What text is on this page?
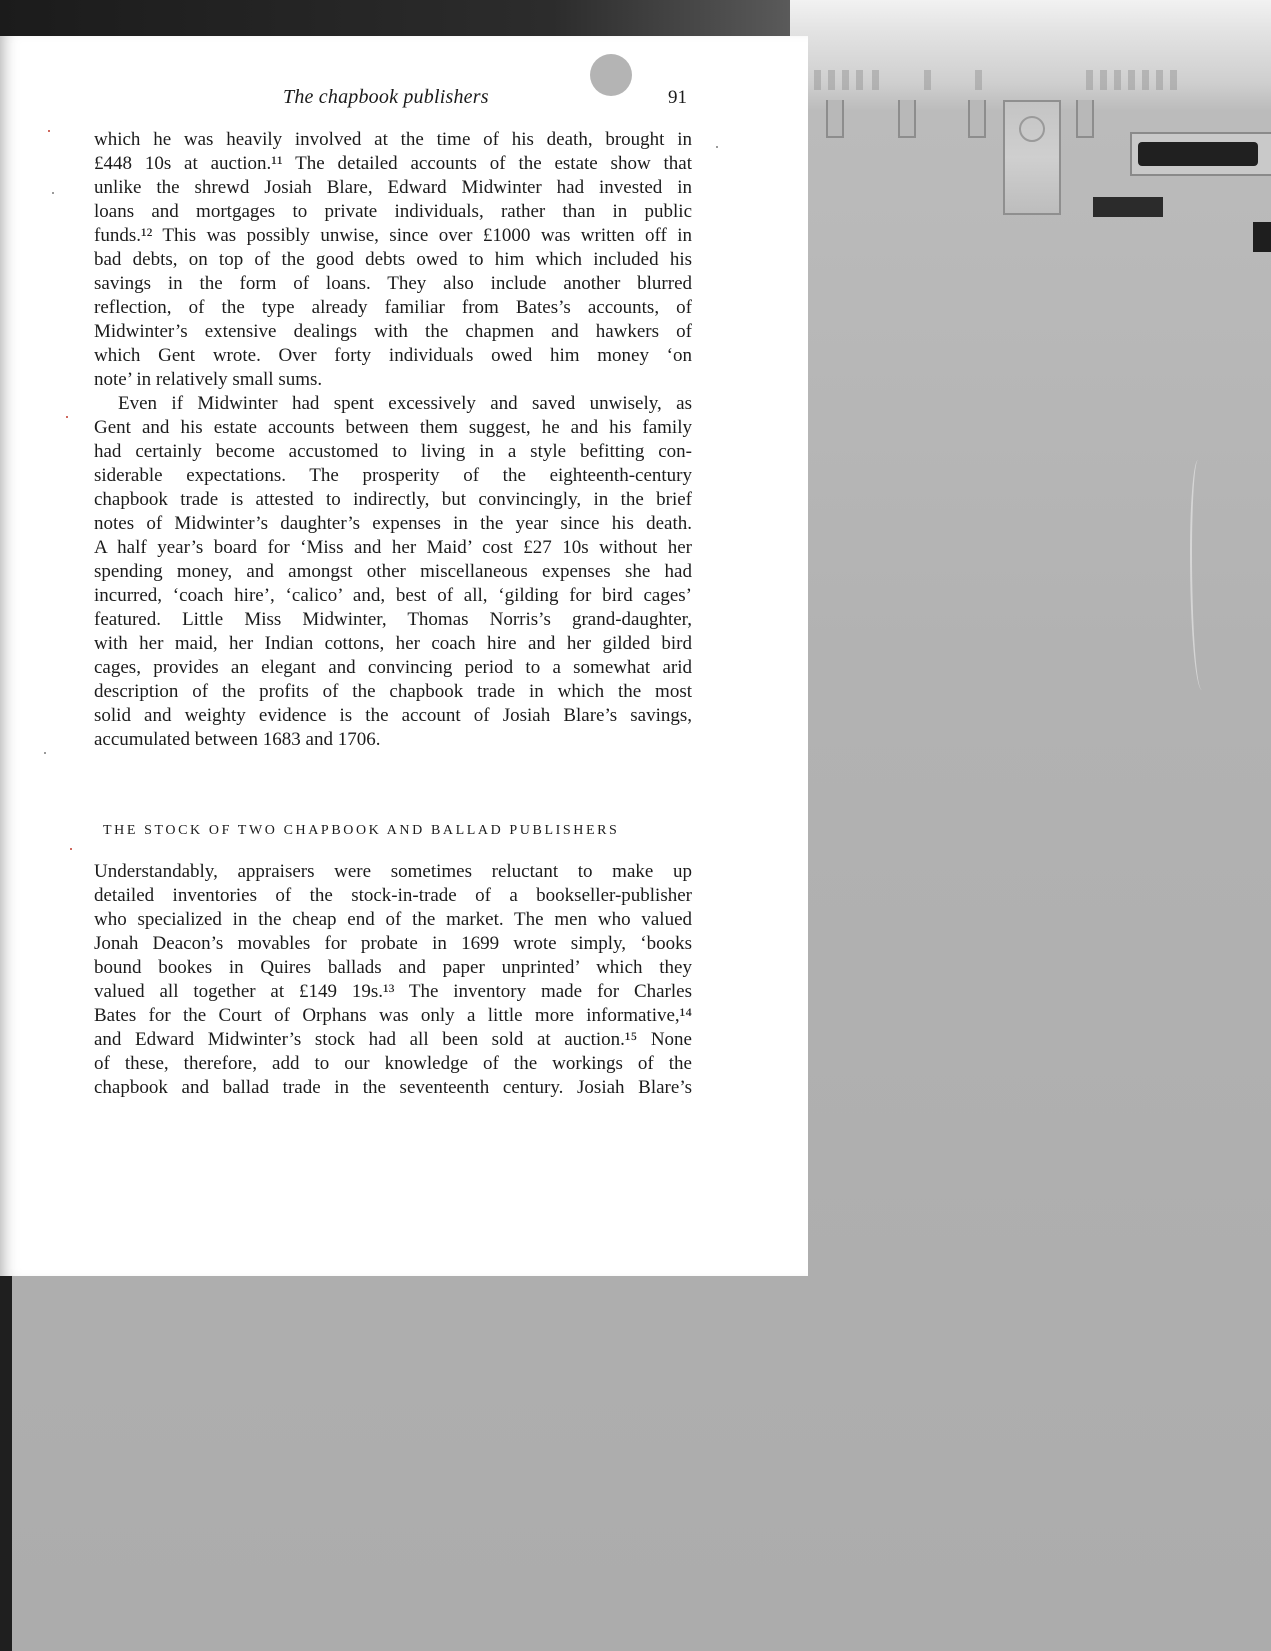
The chapbook publishers	91
which he was heavily involved at the time of his death, brought in
£448 10s at auction.¹¹ The detailed accounts of the estate show that
unlike the shrewd Josiah Blare, Edward Midwinter had invested in
loans and mortgages to private individuals, rather than in public
funds.¹² This was possibly unwise, since over £1000 was written off in
bad debts, on top of the good debts owed to him which included his
savings in the form of loans. They also include another blurred
reflection, of the type already familiar from Bates’s accounts, of
Midwinter’s extensive dealings with the chapmen and hawkers of
which Gent wrote. Over forty individuals owed him money ‘on
note’ in relatively small sums.
Even if Midwinter had spent excessively and saved unwisely, as
Gent and his estate accounts between them suggest, he and his family
had certainly become accustomed to living in a style befitting con-
siderable expectations. The prosperity of the eighteenth-century
chapbook trade is attested to indirectly, but convincingly, in the brief
notes of Midwinter’s daughter’s expenses in the year since his death.
A half year’s board for ‘Miss and her Maid’ cost £27 10s without her
spending money, and amongst other miscellaneous expenses she had
incurred, ‘coach hire’, ‘calico’ and, best of all, ‘gilding for bird cages’
featured. Little Miss Midwinter, Thomas Norris’s grand-daughter,
with her maid, her Indian cottons, her coach hire and her gilded bird
cages, provides an elegant and convincing period to a somewhat arid
description of the profits of the chapbook trade in which the most
solid and weighty evidence is the account of Josiah Blare’s savings,
accumulated between 1683 and 1706.
THE STOCK OF TWO CHAPBOOK AND BALLAD PUBLISHERS
Understandably, appraisers were sometimes reluctant to make up
detailed inventories of the stock-in-trade of a bookseller-publisher
who specialized in the cheap end of the market. The men who valued
Jonah Deacon’s movables for probate in 1699 wrote simply, ‘books
bound bookes in Quires ballads and paper unprinted’ which they
valued all together at £149 19s.¹³ The inventory made for Charles
Bates for the Court of Orphans was only a little more informative,¹⁴
and Edward Midwinter’s stock had all been sold at auction.¹⁵ None
of these, therefore, add to our knowledge of the workings of the
chapbook and ballad trade in the seventeenth century. Josiah Blare’s
